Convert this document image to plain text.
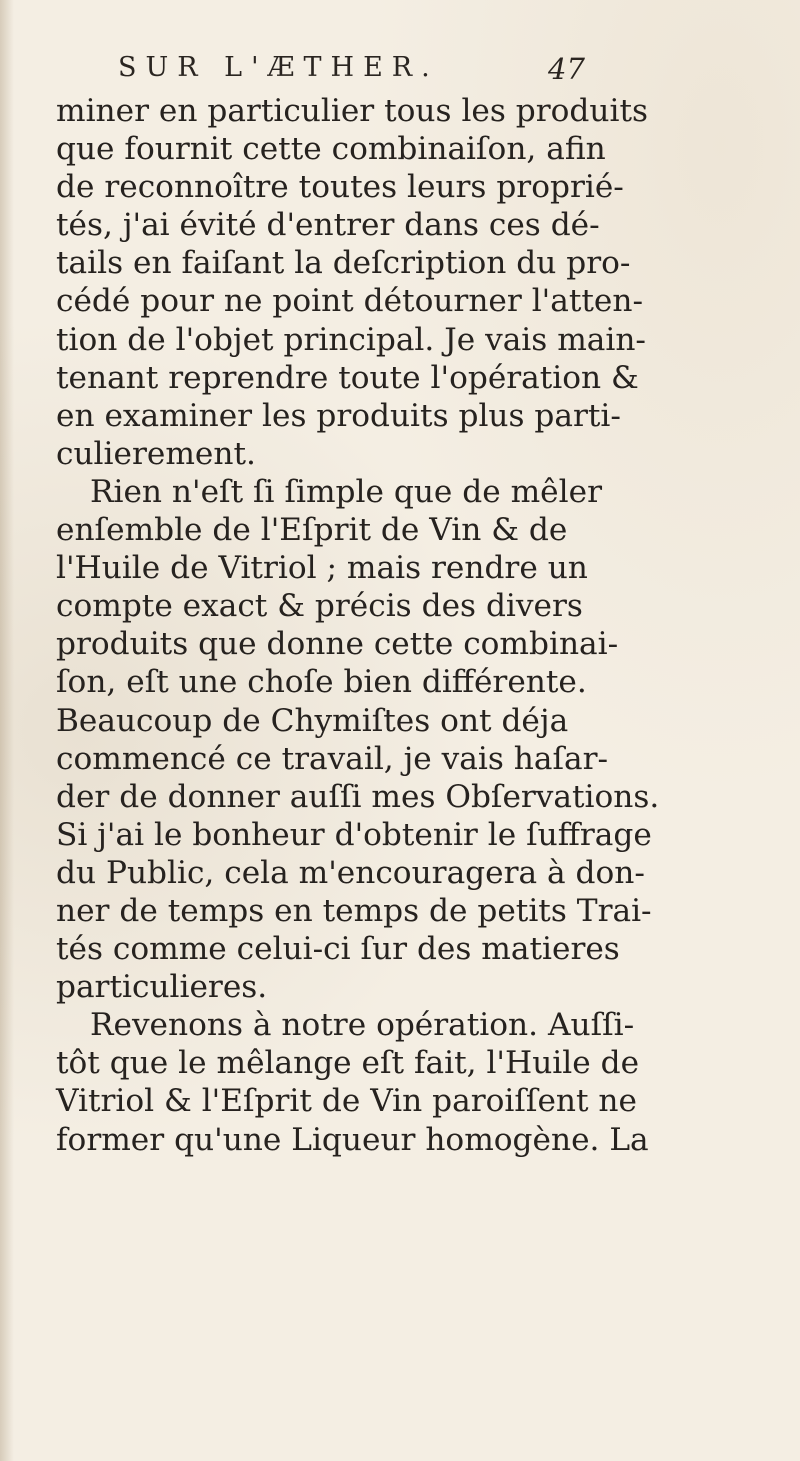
SUR L'ÆTHER.	47
miner en particulier tous les produits
que fournit cette combinaiſon, afin
de reconnoître toutes leurs proprié-
tés, j'ai évité d'entrer dans ces dé-
tails en faiſant la deſcription du pro-
cédé pour ne point détourner l'atten-
tion de l'objet principal. Je vais main-
tenant reprendre toute l'opération &
en examiner les produits plus parti-
culierement.
Rien n'eſt ſi ſimple que de mêler
enſemble de l'Eſprit de Vin & de
l'Huile de Vitriol ; mais rendre un
compte exact & précis des divers
produits que donne cette combinai-
ſon, eſt une choſe bien différente.
Beaucoup de Chymiſtes ont déja
commencé ce travail, je vais haſar-
der de donner auſſi mes Obſervations.
Si j'ai le bonheur d'obtenir le ſuffrage
du Public, cela m'encouragera à don-
ner de temps en temps de petits Trai-
tés comme celui-ci ſur des matieres
particulieres.
Revenons à notre opération. Auſſi-
tôt que le mêlange eſt fait, l'Huile de
Vitriol & l'Eſprit de Vin paroiſſent ne
former qu'une Liqueur homogène. La
